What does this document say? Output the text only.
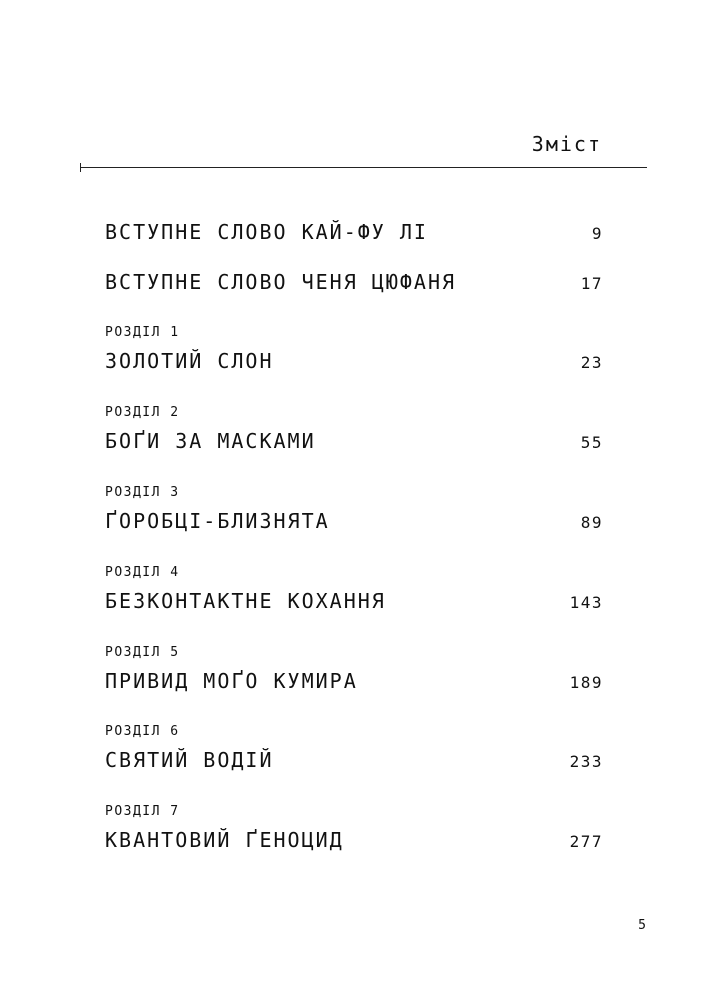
Зміст
ВСТУПНЕ СЛОВО КАЙ-ФУ ЛІ	9
ВСТУПНЕ СЛОВО ЧЕНЯ ЦЮФАНЯ	17
РОЗДІЛ 1
ЗОЛОТИЙ СЛОН	23
РОЗДІЛ 2
БОҐИ ЗА МАСКАМИ	55
РОЗДІЛ 3
ҐОРОБЦІ-БЛИЗНЯТА	89
РОЗДІЛ 4
БЕЗКОНТАКТНЕ КОХАННЯ	143
РОЗДІЛ 5
ПРИВИД МОҐО КУМИРА	189
РОЗДІЛ 6
СВЯТИЙ ВОДІЙ	233
РОЗДІЛ 7
КВАНТОВИЙ ҐЕНОЦИД	277
5
